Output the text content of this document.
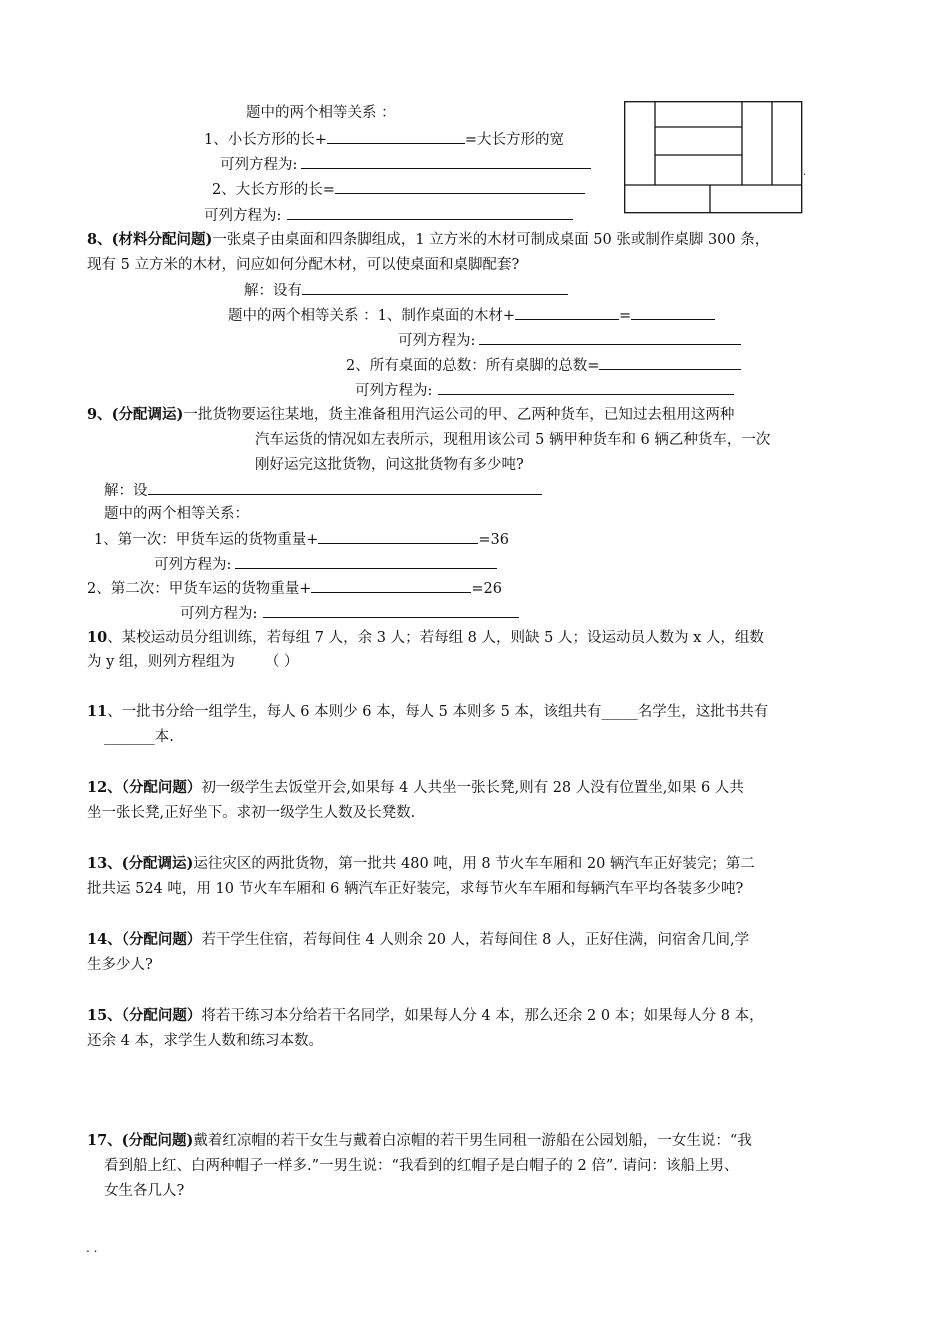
.
题中的两个相等关系 ：
1、小长方形的长+	=大长方形的宽
可列方程为:
2、大长方形的长=
可列方程为:
8、(材料分配问题)一张桌子由桌面和四条脚组成，1 立方米的木材可制成桌面 50 张或制作桌脚 300 条，
现有 5 立方米的木材，问应如何分配木材，可以使桌面和桌脚配套?
解：设有
题中的两个相等关系 ：1、制作桌面的木材+	=
可列方程为:
2、所有桌面的总数：所有桌脚的总数=
可列方程为:
9、(分配调运)一批货物要运往某地，货主准备租用汽运公司的甲、乙两种货车，已知过去租用这两种
汽车运货的情况如左表所示，现租用该公司 5 辆甲种货车和 6 辆乙种货车，一次
刚好运完这批货物，问这批货物有多少吨?
解：设
题中的两个相等关系：
1、第一次：甲货车运的货物重量+	=36
可列方程为:
2、第二次：甲货车运的货物重量+	=26
可列方程为:
10、某校运动员分组训练，若每组 7 人，余 3 人；若每组 8 人，则缺 5 人；设运动员人数为 x 人，组数
为 y 组，则列方程组为 （ ）
11、一批书分给一组学生，每人 6 本则少 6 本，每人 5 本则多 5 本，该组共有_____名学生，这批书共有
_______本.
12、（分配问题）初一级学生去饭堂开会,如果每 4 人共坐一张长凳,则有 28 人没有位置坐,如果 6 人共
坐一张长凳,正好坐下。求初一级学生人数及长凳数.
13、(分配调运)运往灾区的两批货物，第一批共 480 吨，用 8 节火车车厢和 20 辆汽车正好装完；第二
批共运 524 吨，用 10 节火车车厢和 6 辆汽车正好装完，求每节火车车厢和每辆汽车平均各装多少吨?
14、（分配问题）若干学生住宿，若每间住 4 人则余 20 人，若每间住 8 人，正好住满，问宿舍几间,学
生多少人?
15、（分配问题）将若干练习本分给若干名同学，如果每人分 4 本，那么还余 2 0 本；如果每人分 8 本，
还余 4 本，求学生人数和练习本数。
17、(分配问题)戴着红凉帽的若干女生与戴着白凉帽的若干男生同租一游船在公园划船，一女生说：“我
看到船上红、白两种帽子一样多.”一男生说：“我看到的红帽子是白帽子的 2 倍”. 请问：该船上男、
女生各几人?
. .
